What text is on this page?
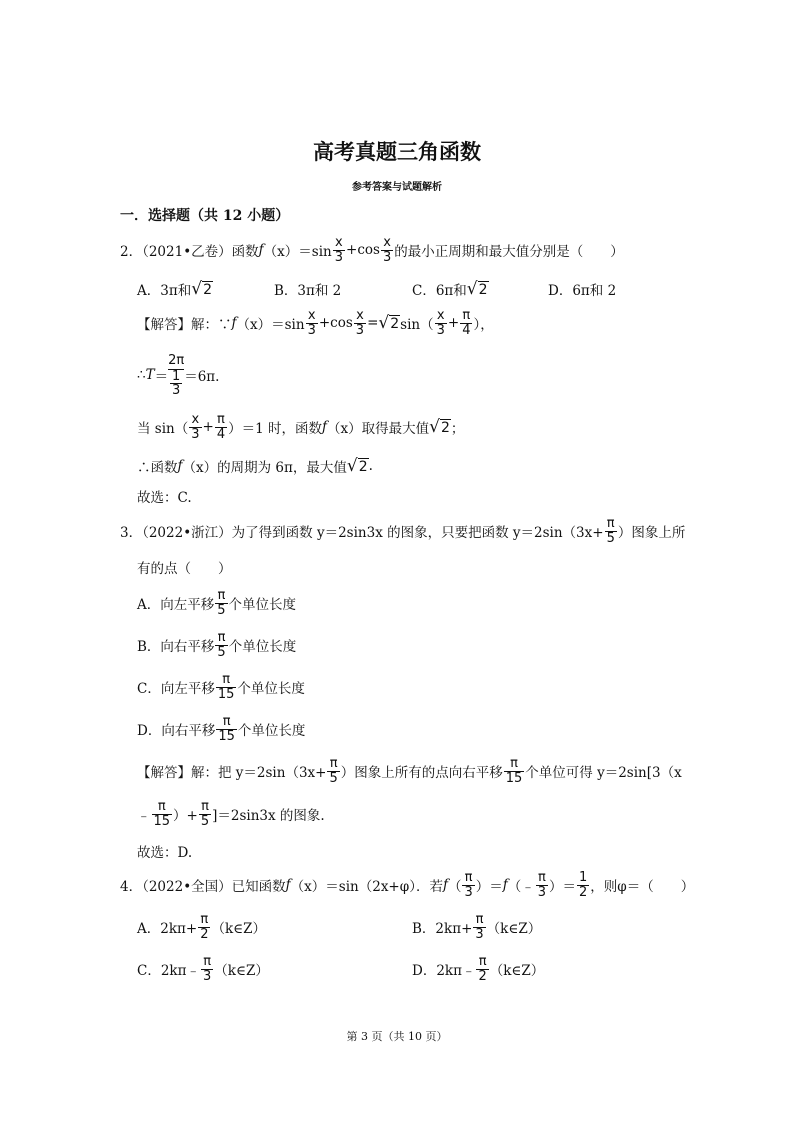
高考真题三角函数
参考答案与试题解析
一．选择题（共 12 小题）
2．（2021•乙卷）函数 f $(x)=\sin \frac{x}{3} +\cos \frac{x}{3}$ 的最小正周期和最大值分别是（　　）
A．3π和 √ 2	B．3π和 2	C．6π和 √ 2	D．6π和 2
【解答】解：∵ f $(x)=\sin \frac{x}{3} +\cos \frac{x}{3}$ = √ 2 $\sin( \frac{x}{3} + \frac{\pi}{4}$ ），
∴ T ＝
2π
$\frac{1}{3} =6\pi$.
当 $\sin( \frac{x}{3} + \frac{\pi}{4} )=1$ 时，函数 f （x）取得最大值 √ 2 ；
∴函数 f （x）的周期为 6π，最大值 √ 2 .
故选：C.
3．（2022•浙江）为了得到函数 y＝2sin3x 的图象，只要把函数 $y=2\sin(3x+ \frac{\pi}{5}$ ）图象上所
有的点（　　）
A．向左平移 $\frac{\pi}{5}$ 个单位长度
B．向右平移 $\frac{\pi}{5}$ 个单位长度
C．向左平移 $\frac{\pi}{15}$ 个单位长度
D．向右平移 $\frac{\pi}{15}$ 个单位长度
【解答】解：把 $y=2\sin(3x+ \frac{\pi}{5}$ ）图象上所有的点向右平移 $\frac{\pi}{15}$ 个单位可得 y＝2sin[3（x
﹣ $\frac{\pi}{15}$ ）+ $\frac{\pi}{5} ]=2\sin 3x$ 的图象.
故选：D.
4．（2022•全国）已知函数 f （x）＝sin（2x+φ）．若 f （ $\frac{\pi}{3}$ ）＝ f （﹣ $\frac{\pi}{3}$ ）＝ $\frac{1}{2}$ ，则φ＝（　　）
A．$2k\pi+ \frac{\pi}{2}$ （k∈Z）	B．$2k\pi+ \frac{\pi}{3}$ （k∈Z）
C．2kπ﹣ $\frac{\pi}{3}$ （k∈Z）	D．2kπ﹣ $\frac{\pi}{2}$ （k∈Z）
第 3 页（共 10 页）
